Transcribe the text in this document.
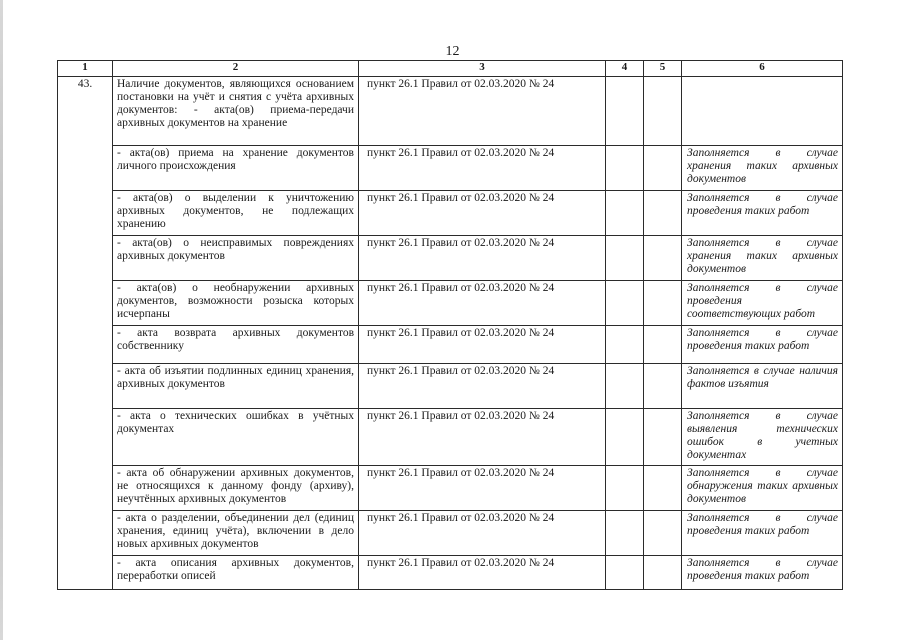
12
1	2	3	4	5	6
43.	Наличие документов, являющихся основанием постановки на учёт и снятия с учёта архивных документов: - акта(ов) приема-передачи архивных документов на хранение	пункт 26.1 Правил от 02.03.2020 № 24			
	- акта(ов) приема на хранение документов личного происхождения	пункт 26.1 Правил от 02.03.2020 № 24			Заполняется в случае хранения таких архивных документов
	- акта(ов) о выделении к уничтожению архивных документов, не подлежащих хранению	пункт 26.1 Правил от 02.03.2020 № 24			Заполняется в случае проведения таких работ
	- акта(ов) о неисправимых повреждениях архивных документов	пункт 26.1 Правил от 02.03.2020 № 24			Заполняется в случае хранения таких архивных документов
	- акта(ов) о необнаружении архивных документов, возможности розыска которых исчерпаны	пункт 26.1 Правил от 02.03.2020 № 24			Заполняется в случае проведения соответствующих работ
	- акта возврата архивных документов собственнику	пункт 26.1 Правил от 02.03.2020 № 24			Заполняется в случае проведения таких работ
	- акта об изъятии подлинных единиц хранения, архивных документов	пункт 26.1 Правил от 02.03.2020 № 24			Заполняется в случае наличия фактов изъятия
	- акта о технических ошибках в учётных документах	пункт 26.1 Правил от 02.03.2020 № 24			Заполняется в случае выявления технических ошибок в учетных документах
	- акта об обнаружении архивных документов, не относящихся к данному фонду (архиву), неучтённых архивных документов	пункт 26.1 Правил от 02.03.2020 № 24			Заполняется в случае обнаружения таких архивных документов
	- акта о разделении, объединении дел (единиц хранения, единиц учёта), включении в дело новых архивных документов	пункт 26.1 Правил от 02.03.2020 № 24			Заполняется в случае проведения таких работ
	- акта описания архивных документов, переработки описей	пункт 26.1 Правил от 02.03.2020 № 24			Заполняется в случае проведения таких работ
